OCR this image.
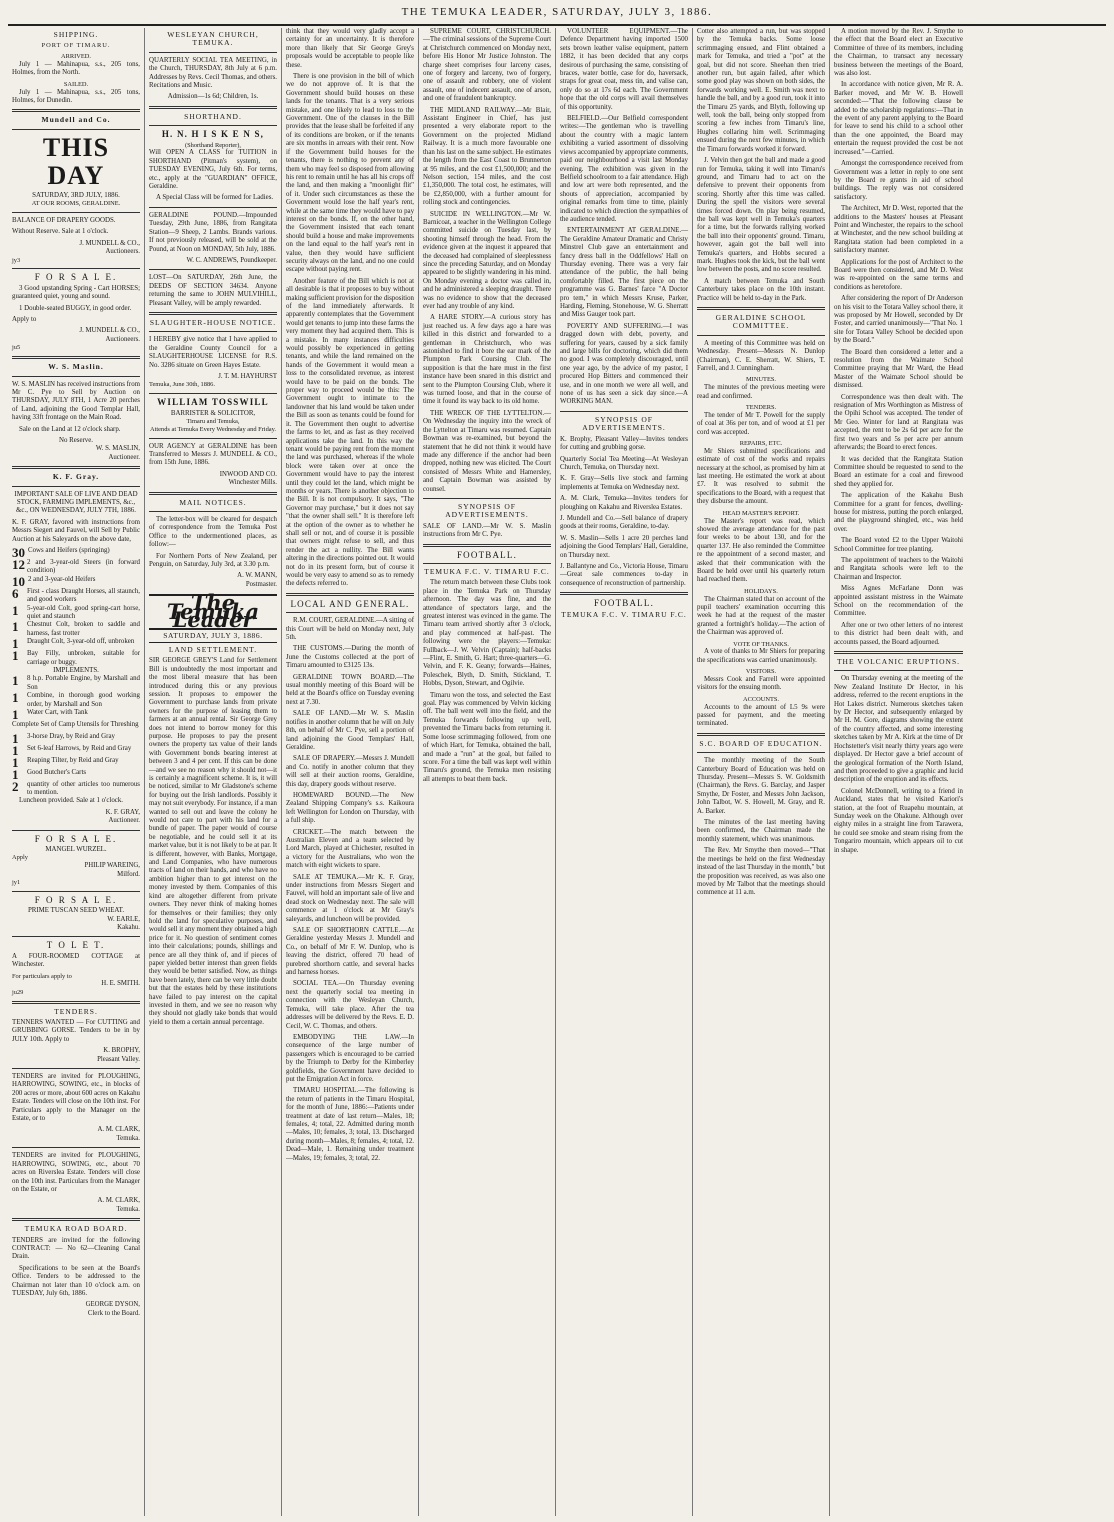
THE TEMUKA LEADER, SATURDAY, JULY 3, 1886.
SHIPPING.
PORT OF TIMARU.
ARRIVED.

July 1 — Mahinapua, s.s., 205 tons, Holmes, from the North.

SAILED.

July 1 — Mahinapua, s.s., 205 tons, Holmes, for Dunedin.

Mundell and Co.
THIS DAY
SATURDAY, 3RD JULY, 1886.
AT OUR ROOMS, GERALDINE.

BALANCE OF DRAPERY GOODS.

Without Reserve. Sale at 1 o'clock.

J. MUNDELL & CO.,
Auctioneers.
jy3
F O R S A L E.

3 Good upstanding Spring - Cart HORSES; guaranteed quiet, young and sound.

1 Double-seated BUGGY, in good order.

Apply to

J. MUNDELL & CO.,
Auctioneers.
ju5
W. S. Maslin.

W. S. MASLIN has received instructions from Mr C. Pye to Sell by Auction on THURSDAY, JULY 8TH, 1 Acre 20 perches of Land, adjoining the Good Templar Hall, having 33ft frontage on the Main Road.

Sale on the Land at 12 o'clock sharp.

No Reserve.
W. S. MASLIN,
Auctioneer.
K. F. Gray.

IMPORTANT SALE OF LIVE AND DEAD STOCK, FARMING IMPLEMENTS, &c., &c., ON WEDNESDAY, JULY 7TH, 1886.

K. F. GRAY, favored with instructions from Messrs Siegert and Fauvel, will Sell by Public Auction at his Saleyards on the above date,

30 Cows and Heifers (springing)
12 2 and 3-year-old Steers (in forward condition)
10 2 and 3-year-old Heifers
6	First - class Draught Horses, all staunch, and good workers
1	5-year-old Colt, good spring-cart horse, quiet and staunch
1	Chestnut Colt, broken to saddle and harness, fast trotter
1	Draught Colt, 3-year-old off, unbroken
1	Bay Filly, unbroken, suitable for carriage or buggy.
IMPLEMENTS.
1	8 h.p. Portable Engine, by Marshall and Son
1	Combine, in thorough good working order, by Marshall and Son
1	Water Cart, with Tank

Complete Set of Camp Utensils for Threshing

1	3-horse Dray, by Reid and Gray
1	Set 6-leaf Harrows, by Reid and Gray
1	Reaping Tilter, by Reid and Gray
1	Good Butcher's Carts
2	quantity of other articles too numerous to mention.

Luncheon provided. Sale at 1 o'clock.

K. F. GRAY,
Auctioneer.
F O R S A L E.
MANGEL WURZEL.
Apply
PHILIP WAREING,
Milford.
jy1
F O R S A L E.
PRIME TUSCAN SEED WHEAT.
W. EARLE,
Kakahu.
T O L E T.

A FOUR-ROOMED COTTAGE at Winchester.

For particulars apply to
H. E. SMITH.
ju29
TENDERS.

TENNERS WANTED — For CUTTING and GRUBBING GORSE. Tenders to be in by JULY 10th. Apply to

K. BROPHY,
Pleasant Valley.

TENDERS are invited for PLOUGHING, HARROWING, SOWING, etc., in blocks of 200 acres or more, about 600 acres on Kakahu Estate. Tenders will close on the 10th inst. For Particulars apply to the Manager on the Estate, or to

A. M. CLARK,
Temuka.

TENDERS are invited for PLOUGHING, HARROWING, SOWING, etc., about 70 acres on Riverslea Estate. Tenders will close on the 10th inst. Particulars from the Manager on the Estate, or

A. M. CLARK,
Temuka.
TEMUKA ROAD BOARD.

TENDERS are invited for the following CONTRACT: — No 62—Cleaning Canal Drain.

Specifications to be seen at the Board's Office. Tenders to be addressed to the Chairman not later than 10 o'clock a.m. on TUESDAY, July 6th, 1886.

GEORGE DYSON,
Clerk to the Board.
WESLEYAN CHURCH, TEMUKA.

QUARTERLY SOCIAL TEA MEETING, in the Church, THURSDAY, 8th July at 6 p.m. Addresses by Revs. Cecil Thomas, and others. Recitations and Music.

Admission—1s 6d; Children, 1s.
SHORTHAND.
H. N. H I S K E N S,
(Shorthand Reporter),

Will OPEN A CLASS for TUITION in SHORTHAND (Pitman's system), on TUESDAY EVENING, July 6th. For terms, etc., apply at the "GUARDIAN" OFFICE, Geraldine.

A Special Class will be formed for Ladies.

GERALDINE POUND.—Impounded Tuesday, 29th June, 1886, from Rangitata Station—9 Sheep, 2 Lambs. Brands various. If not previously released, will be sold at the Pound, at Noon on MONDAY, 5th July, 1886.

W. C. ANDREWS, Poundkeeper.

LOST—On SATURDAY, 26th June, the DEEDS OF SECTION 34634. Anyone returning the same to JOHN MULVIHILL, Pleasant Valley, will be amply rewarded.

SLAUGHTER-HOUSE NOTICE.

I HEREBY give notice that I have applied to the Geraldine County Council for a SLAUGHTERHOUSE LICENSE for R.S. No. 3286 situate on Green Hayes Estate.

J. T. M. HAYHURST
Temuka, June 30th, 1886.
WILLIAM TOSSWILL
BARRISTER & SOLICITOR,
Timaru and Temuka,
Attends at Temuka Every Wednesday and Friday.

OUR AGENCY at GERALDINE has been Transferred to Messrs J. MUNDELL & CO., from 15th June, 1886.

INWOOD AND CO.
Winchester Mills.
MAIL NOTICES.

The letter-box will be cleared for despatch of correspondence from the Temuka Post Office to the undermentioned places, as follow:—

For Northern Ports of New Zealand, per Penguin, on Saturday, July 3rd, at 3.30 p.m.

A. W. MANN,
Postmaster.
The Temuka Leader
SATURDAY, JULY 3, 1886.
LAND SETTLEMENT.

SIR GEORGE GREY'S Land for Settlement Bill is undoubtedly the most important and the most liberal measure that has been introduced during this or any previous session. It proposes to empower the Government to purchase lands from private owners for the purpose of leasing them to farmers at an annual rental. Sir George Grey does not intend to borrow money for this purpose. He proposes to pay the present owners the property tax value of their lands with Government bonds bearing interest at between 3 and 4 per cent. If this can be done—and we see no reason why it should not—it is certainly a magnificent scheme. It is, it will be noticed, similar to Mr Gladstone's scheme for buying out the Irish landlords. Possibly it may not suit everybody. For instance, if a man wanted to sell out and leave the colony he would not care to part with his land for a bundle of paper. The paper would of course be negotiable, and he could sell it at its market value, but it is not likely to be at par. It is different, however, with Banks, Mortgage, and Land Companies, who have numerous tracts of land on their hands, and who have no ambition higher than to get interest on the money invested by them. Companies of this kind are altogether different from private owners. They never think of making homes for themselves or their families; they only hold the land for speculative purposes, and would sell it any moment they obtained a high price for it. No question of sentiment comes into their calculations; pounds, shillings and pence are all they think of, and if pieces of paper yielded better interest than green fields they would be better satisfied. Now, as things have been lately, there can be very little doubt but that the estates held by these institutions have failed to pay interest on the capital invested in them, and we see no reason why they should not gladly take bonds that would yield to them a certain annual percentage.

think that they would very gladly accept a certainty for an uncertainty. It is therefore more than likely that Sir George Grey's proposals would be acceptable to people like these.

There is one provision in the bill of which we do not approve of. It is that the Government should build houses on these lands for the tenants. That is a very serious mistake, and one likely to lead to loss to the Government. One of the clauses in the Bill provides that the lease shall be forfeited if any of its conditions are broken, or if the tenants are six months in arrears with their rent. Now if the Government build houses for the tenants, there is nothing to prevent any of them who may feel so disposed from allowing his rent to remain until he has all his crops off the land, and then making a "moonlight flit" of it. Under such circumstances as these the Government would lose the half year's rent, while at the same time they would have to pay interest on the bonds. If, on the other hand, the Government insisted that each tenant should build a house and make improvements on the land equal to the half year's rent in value, then they would have sufficient security always on the land, and no one could escape without paying rent.

Another feature of the Bill which is not at all desirable is that it proposes to buy without making sufficient provision for the disposition of the land immediately afterwards. It apparently contemplates that the Government would get tenants to jump into these farms the very moment they had acquired them. This is a mistake. In many instances difficulties would possibly be experienced in getting tenants, and while the land remained on the hands of the Government it would mean a loss to the consolidated revenue, as interest would have to be paid on the bonds. The proper way to proceed would be this: The Government ought to intimate to the landowner that his land would be taken under the Bill as soon as tenants could be found for it. The Government then ought to advertise the farms to let, and as fast as they received applications take the land. In this way the tenant would be paying rent from the moment the land was purchased, whereas if the whole block were taken over at once the Government would have to pay the interest until they could let the land, which might be months or years. There is another objection to the Bill. It is not compulsory. It says, "The Governor may purchase," but it does not say "that the owner shall sell." It is therefore left at the option of the owner as to whether he shall sell or not, and of course it is possible that owners might refuse to sell, and thus render the act a nullity. The Bill wants altering in the directions pointed out. It would not do in its present form, but of course it would be very easy to amend so as to remedy the defects referred to.

LOCAL AND GENERAL.

R.M. COURT, GERALDINE.—A sitting of this Court will be held on Monday next, July 5th.

THE CUSTOMS.—During the month of June the Customs collected at the port of Timaru amounted to £3125 13s.

GERALDINE TOWN BOARD.—The usual monthly meeting of this Board will be held at the Board's office on Tuesday evening next at 7.30.

SALE OF LAND.—Mr W. S. Maslin notifies in another column that he will on July 8th, on behalf of Mr C. Pye, sell a portion of land adjoining the Good Templars' Hall, Geraldine.

SALE OF DRAPERY.—Messrs J. Mundell and Co. notify in another column that they will sell at their auction rooms, Geraldine, this day, drapery goods without reserve.

HOMEWARD BOUND.—The New Zealand Shipping Company's s.s. Kaikoura left Wellington for London on Thursday, with a full ship.

CRICKET.—The match between the Australian Eleven and a team selected by Lord March, played at Chichester, resulted in a victory for the Australians, who won the match with eight wickets to spare.

SALE AT TEMUKA.—Mr K. F. Gray, under instructions from Messrs Siegert and Fauvel, will hold an important sale of live and dead stock on Wednesday next. The sale will commence at 1 o'clock at Mr Gray's saleyards, and luncheon will be provided.

SALE OF SHORTHORN CATTLE.—At Geraldine yesterday Messrs J. Mundell and Co., on behalf of Mr F. W. Dunlop, who is leaving the district, offered 70 head of purebred shorthorn cattle, and several hacks and harness horses.

SOCIAL TEA.—On Thursday evening next the quarterly social tea meeting in connection with the Wesleyan Church, Temuka, will take place. After the tea addresses will be delivered by the Revs. E. D. Cecil, W. C. Thomas, and others.

EMBODYING THE LAW.—In consequence of the large number of passengers which is encouraged to be carried by the Triumph to Derby for the Kimberley goldfields, the Government have decided to put the Emigration Act in force.

TIMARU HOSPITAL.—The following is the return of patients in the Timaru Hospital, for the month of June, 1886:—Patients under treatment at date of last return—Males, 18; females, 4; total, 22. Admitted during month—Males, 10; females, 3; total, 13. Discharged during month—Males, 8; females, 4; total, 12. Dead—Male, 1. Remaining under treatment—Males, 19; females, 3; total, 22.

SUPREME COURT, CHRISTCHURCH.—The criminal sessions of the Supreme Court at Christchurch commenced on Monday next, before His Honor Mr Justice Johnston. The charge sheet comprises four larceny cases, one of forgery and larceny, two of forgery, one of assault and robbery, one of violent assault, one of indecent assault, one of arson, and one of fraudulent bankruptcy.

THE MIDLAND RAILWAY.—Mr Blair, Assistant Engineer in Chief, has just presented a very elaborate report to the Government on the projected Midland Railway. It is a much more favourable one than his last on the same subject. He estimates the length from the East Coast to Brunnerton at 95 miles, and the cost £1,500,000; and the Nelson section, 154 miles, and the cost £1,350,000. The total cost, he estimates, will be £2,850,000, with a further amount for rolling stock and contingencies.

SUICIDE IN WELLINGTON.—Mr W. Barnicoat, a teacher in the Wellington College committed suicide on Tuesday last, by shooting himself through the head. From the evidence given at the inquest it appeared that the deceased had complained of sleeplessness since the preceding Saturday, and on Monday appeared to be slightly wandering in his mind. On Monday evening a doctor was called in, and he administered a sleeping draught. There was no evidence to show that the deceased ever had any trouble of any kind.

A HARE STORY.—A curious story has just reached us. A few days ago a hare was killed in this district and forwarded to a gentleman in Christchurch, who was astonished to find it bore the ear mark of the Plumpton Park Coursing Club. The supposition is that the hare must in the first instance have been snared in this district and sent to the Plumpton Coursing Club, where it was turned loose, and that in the course of time it found its way back to its old home.

THE WRECK OF THE LYTTELTON.—On Wednesday the inquiry into the wreck of the Lyttelton at Timaru was resumed. Captain Bowman was re-examined, but beyond the statement that he did not think it would have made any difference if the anchor had been dropped, nothing new was elicited. The Court consisted of Messrs White and Hamersley, and Captain Bowman was assisted by counsel.

SYNOPSIS OF ADVERTISEMENTS.

SALE OF LAND.—Mr W. S. Maslin instructions from Mr C. Pye.

FOOTBALL.
TEMUKA F.C. V. TIMARU F.C.

The return match between these Clubs took place in the Temuka Park on Thursday afternoon. The day was fine, and the attendance of spectators large, and the greatest interest was evinced in the game. The Timaru team arrived shortly after 3 o'clock, and play commenced at half-past. The following were the players:—Temuka: Fullback—J. W. Velvin (Captain); half-backs—Flint, E. Smith, G. Hart; three-quarters—G. Velvin, and F. K. Geany; forwards—Haines, Poleschek, Blyth, D. Smith, Stickland, T. Hobbs, Dyson, Stewart, and Ogilvie.

Timaru won the toss, and selected the East goal. Play was commenced by Velvin kicking off. The ball went well into the field, and the Temuka forwards following up well, prevented the Timaru backs from returning it. Some loose scrimmaging followed, from one of which Hart, for Temuka, obtained the ball, and made a "run" at the goal, but failed to score. For a time the ball was kept well within Timaru's ground, the Temuka men resisting all attempts to beat them back.

VOLUNTEER EQUIPMENT.—The Defence Department having imported 1500 sets brown leather valise equipment, pattern 1882, it has been decided that any corps desirous of purchasing the same, consisting of braces, water bottle, case for do, haversack, straps for great coat, mess tin, and valise can, only do so at 17s 6d each. The Government hope that the old corps will avail themselves of this opportunity.

BELFIELD.—Our Belfield correspondent writes:—The gentleman who is travelling about the country with a magic lantern exhibiting a varied assortment of dissolving views accompanied by appropriate comments, paid our neighbourhood a visit last Monday evening. The exhibition was given in the Belfield schoolroom to a fair attendance. High and low art were both represented, and the shouts of appreciation, accompanied by original remarks from time to time, plainly indicated to which direction the sympathies of the audience tended.

ENTERTAINMENT AT GERALDINE.—The Geraldine Amateur Dramatic and Christy Minstrel Club gave an entertainment and fancy dress ball in the Oddfellows' Hall on Thursday evening. There was a very fair attendance of the public, the hall being comfortably filled. The first piece on the programme was G. Barnes' farce "A Doctor pro tem," in which Messrs Kruse, Parker, Harding, Fleming, Stonehouse, W. G. Sherratt and Miss Gauger took part.

POVERTY AND SUFFERING.—I was dragged down with debt, poverty, and suffering for years, caused by a sick family and large bills for doctoring, which did them no good. I was completely discouraged, until one year ago, by the advice of my pastor, I procured Hop Bitters and commenced their use, and in one month we were all well, and none of us has seen a sick day since.—A WORKING MAN.

SYNOPSIS OF ADVERTISEMENTS.

K. Brophy, Pleasant Valley—Invites tenders for cutting and grubbing gorse.

Quarterly Social Tea Meeting—At Wesleyan Church, Temuka, on Thursday next.

K. F. Gray—Sells live stock and farming implements at Temuka on Wednesday next.

A. M. Clark, Temuka—Invites tenders for ploughing on Kakahu and Riverslea Estates.

J. Mundell and Co.—Sell balance of drapery goods at their rooms, Geraldine, to-day.

W. S. Maslin—Sells 1 acre 20 perches land adjoining the Good Templars' Hall, Geraldine, on Thursday next.

J. Ballantyne and Co., Victoria House, Timaru—Great sale commences to-day in consequence of reconstruction of partnership.

FOOTBALL.
TEMUKA F.C. V. TIMARU F.C.

Cotter also attempted a run, but was stopped by the Temuka backs. Some loose scrimmaging ensued, and Flint obtained a mark for Temuka, and tried a "pot" at the goal, but did not score. Sheehan then tried another run, but again failed, after which some good play was shown on both sides, the forwards working well. E. Smith was next to handle the ball, and by a good run, took it into the Timaru 25 yards, and Blyth, following up well, took the ball, being only stopped from scoring a few inches from Timaru's line, Hughes collaring him well. Scrimmaging ensued during the next few minutes, in which the Timaru forwards worked it forward.

J. Velvin then got the ball and made a good run for Temuka, taking it well into Timaru's ground, and Timaru had to act on the defensive to prevent their opponents from scoring. Shortly after this time was called. During the spell the visitors were several times forced down. On play being resumed, the ball was kept well in Temuka's quarters for a time, but the forwards rallying worked the ball into their opponents' ground. Timaru, however, again got the ball well into Temuka's quarters, and Hobbs secured a mark. Hughes took the kick, but the ball went low between the posts, and no score resulted.

A match between Temuka and South Canterbury takes place on the 10th instant. Practice will be held to-day in the Park.

GERALDINE SCHOOL COMMITTEE.

A meeting of this Committee was held on Wednesday. Present—Messrs N. Dunlop (Chairman), C. E. Sherratt, W. Shiers, T. Farrell, and J. Cunningham.

MINUTES.

The minutes of the previous meeting were read and confirmed.

TENDERS.

The tender of Mr T. Powell for the supply of coal at 36s per ton, and of wood at £1 per cord was accepted.

REPAIRS, ETC.

Mr Shiers submitted specifications and estimate of cost of the works and repairs necessary at the school, as promised by him at last meeting. He estimated the work at about £7. It was resolved to submit the specifications to the Board, with a request that they disburse the amount.

HEAD MASTER'S REPORT.

The Master's report was read, which showed the average attendance for the past four weeks to be about 130, and for the quarter 137. He also reminded the Committee re the appointment of a second master, and asked that their communication with the Board be held over until his quarterly return had reached them.

HOLIDAYS.

The Chairman stated that on account of the pupil teachers' examination occurring this week he had at the request of the master granted a fortnight's holiday.—The action of the Chairman was approved of.

VOTE OF THANKS.

A vote of thanks to Mr Shiers for preparing the specifications was carried unanimously.

VISITORS.

Messrs Cook and Farrell were appointed visitors for the ensuing month.

ACCOUNTS.

Accounts to the amount of L5 9s were passed for payment, and the meeting terminated.

S.C. BOARD OF EDUCATION.

The monthly meeting of the South Canterbury Board of Education was held on Thursday. Present—Messrs S. W. Goldsmith (Chairman), the Revs. G. Barclay, and Jasper Smythe, Dr Foster, and Messrs John Jackson, John Talbot, W. S. Howell, M. Gray, and R. A. Barker.

The minutes of the last meeting having been confirmed, the Chairman made the monthly statement, which was unanimous.

The Rev. Mr Smythe then moved—"That the meetings be held on the first Wednesday instead of the last Thursday in the month," but the proposition was received, as was also one moved by Mr Talbot that the meetings should commence at 11 a.m.

A motion moved by the Rev. J. Smythe to the effect that the Board elect an Executive Committee of three of its members, including the Chairman, to transact any necessary business between the meetings of the Board, was also lost.

In accordance with notice given, Mr R. A. Barker moved, and Mr W. B. Howell seconded:—"That the following clause be added to the scholarship regulations:—That in the event of any parent applying to the Board for leave to send his child to a school other than the one appointed, the Board may entertain the request provided the cost be not increased."—Carried.

Amongst the correspondence received from Government was a letter in reply to one sent by the Board re grants in aid of school buildings. The reply was not considered satisfactory.

The Architect, Mr D. West, reported that the additions to the Masters' houses at Pleasant Point and Winchester, the repairs to the school at Winchester, and the new school building at Rangitata station had been completed in a satisfactory manner.

Applications for the post of Architect to the Board were then considered, and Mr D. West was re-appointed on the same terms and conditions as heretofore.

After considering the report of Dr Anderson on his visit to the Totara Valley school there, it was proposed by Mr Howell, seconded by Dr Foster, and carried unanimously—"That No. 1 site for Totara Valley School be decided upon by the Board."

The Board then considered a letter and a resolution from the Waimate School Committee praying that Mr Ward, the Head Master of the Waimate School should be dismissed.

Correspondence was then dealt with. The resignation of Mrs Worthington as Mistress of the Opihi School was accepted. The tender of Mr Geo. Winter for land at Rangitata was accepted, the rent to be 2s 6d per acre for the first two years and 5s per acre per annum afterwards; the Board to erect fences.

It was decided that the Rangitata Station Committee should be requested to send to the Board an estimate for a coal and firewood shed they applied for.

The application of the Kakahu Bush Committee for a grant for fences, dwelling-house for mistress, putting the porch enlarged, and the playground shingled, etc., was held over.

The Board voted £2 to the Upper Waitohi School Committee for tree planting.

The appointment of teachers to the Waitohi and Rangitata schools were left to the Chairman and Inspector.

Miss Agnes McFarlane Donn was appointed assistant mistress in the Waimate School on the recommendation of the Committee.

After one or two other letters of no interest to this district had been dealt with, and accounts passed, the Board adjourned.

THE VOLCANIC ERUPTIONS.

On Thursday evening at the meeting of the New Zealand Institute Dr Hector, in his address, referred to the recent eruptions in the Hot Lakes district. Numerous sketches taken by Dr Hector, and subsequently enlarged by Mr H. M. Gore, diagrams showing the extent of the country affected, and some interesting sketches taken by Mr A. Kirk at the time of Dr Hochstetter's visit nearly thirty years ago were displayed. Dr Hector gave a brief account of the geological formation of the North Island, and then proceeded to give a graphic and lucid description of the eruption and its effects.

Colonel McDonnell, writing to a friend in Auckland, states that he visited Kariori's station, at the foot of Ruapehu mountain, at Sunday week on the Ohakune. Although over eighty miles in a straight line from Tarawera, he could see smoke and steam rising from the Tongariro mountain, which appears oil to cut in shape.
